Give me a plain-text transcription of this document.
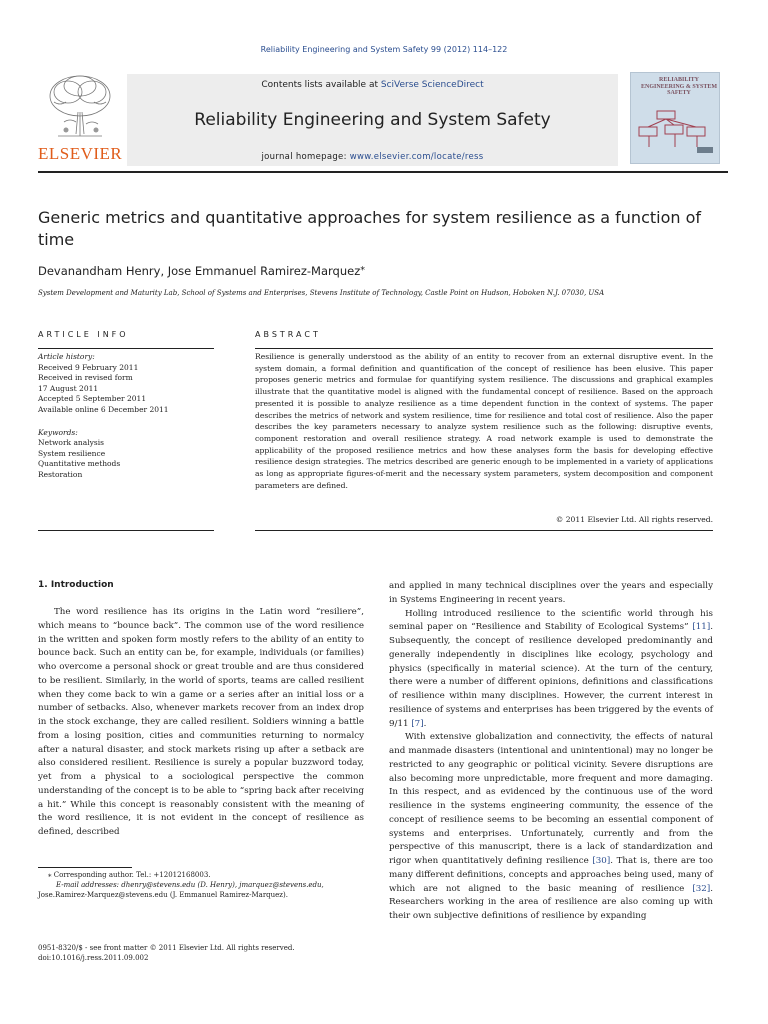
Reliability Engineering and System Safety 99 (2012) 114–122
ELSEVIER
Contents lists available at SciVerse ScienceDirect
Reliability Engineering and System Safety
journal homepage: www.elsevier.com/locate/ress
RELIABILITY ENGINEERING & SYSTEM SAFETY
Generic metrics and quantitative approaches for system resilience as a function of time
Devanandham Henry, Jose Emmanuel Ramirez-Marquez⁎
System Development and Maturity Lab, School of Systems and Enterprises, Stevens Institute of Technology, Castle Point on Hudson, Hoboken N.J. 07030, USA
ARTICLE INFO
Article history:
Received 9 February 2011
Received in revised form
17 August 2011
Accepted 5 September 2011
Available online 6 December 2011
Keywords:
Network analysis
System resilience
Quantitative methods
Restoration
ABSTRACT
Resilience is generally understood as the ability of an entity to recover from an external disruptive event. In the system domain, a formal definition and quantification of the concept of resilience has been elusive. This paper proposes generic metrics and formulae for quantifying system resilience. The discussions and graphical examples illustrate that the quantitative model is aligned with the fundamental concept of resilience. Based on the approach presented it is possible to analyze resilience as a time dependent function in the context of systems. The paper describes the metrics of network and system resilience, time for resilience and total cost of resilience. Also the paper describes the key parameters necessary to analyze system resilience such as the following: disruptive events, component restoration and overall resilience strategy. A road network example is used to demonstrate the applicability of the proposed resilience metrics and how these analyses form the basis for developing effective resilience design strategies. The metrics described are generic enough to be implemented in a variety of applications as long as appropriate figures-of-merit and the necessary system parameters, system decomposition and component parameters are defined.
© 2011 Elsevier Ltd. All rights reserved.
1. Introduction

The word resilience has its origins in the Latin word “resiliere”, which means to “bounce back”. The common use of the word resilience in the written and spoken form mostly refers to the ability of an entity to bounce back. Such an entity can be, for example, individuals (or families) who overcome a personal shock or great trouble and are thus considered to be resilient. Similarly, in the world of sports, teams are called resilient when they come back to win a game or a series after an initial loss or a number of setbacks. Also, whenever markets recover from an index drop in the stock exchange, they are called resilient. Soldiers winning a battle from a losing position, cities and communities returning to normalcy after a natural disaster, and stock markets rising up after a setback are also considered resilient. Resilience is surely a popular buzzword today, yet from a physical to a sociological perspective the common understanding of the concept is to be able to “spring back after receiving a hit.” While this concept is reasonably consistent with the meaning of the word resilience, it is not evident in the concept of resilience as defined, described

and applied in many technical disciplines over the years and especially in Systems Engineering in recent years.

Holling introduced resilience to the scientific world through his seminal paper on “Resilience and Stability of Ecological Systems” [11]. Subsequently, the concept of resilience developed predominantly and generally independently in disciplines like ecology, psychology and physics (specifically in material science). At the turn of the century, there were a number of different opinions, definitions and classifications of resilience within many disciplines. However, the current interest in resilience of systems and enterprises has been triggered by the events of 9/11 [7].

With extensive globalization and connectivity, the effects of natural and manmade disasters (intentional and unintentional) may no longer be restricted to any geographic or political vicinity. Severe disruptions are also becoming more unpredictable, more frequent and more damaging. In this respect, and as evidenced by the continuous use of the word resilience in the systems engineering community, the essence of the concept of resilience seems to be becoming an essential component of systems and enterprises. Unfortunately, currently and from the perspective of this manuscript, there is a lack of standardization and rigor when quantitatively defining resilience [30]. That is, there are too many different definitions, concepts and approaches being used, many of which are not aligned to the basic meaning of resilience [32]. Researchers working in the area of resilience are also coming up with their own subjective definitions of resilience by expanding

⁎ Corresponding author. Tel.: +12012168003.
E-mail addresses: dhenry@stevens.edu (D. Henry), jmarquez@stevens.edu,
Jose.Ramirez-Marquez@stevens.edu (J. Emmanuel Ramirez-Marquez).
0951-8320/$ - see front matter © 2011 Elsevier Ltd. All rights reserved.
doi:10.1016/j.ress.2011.09.002
